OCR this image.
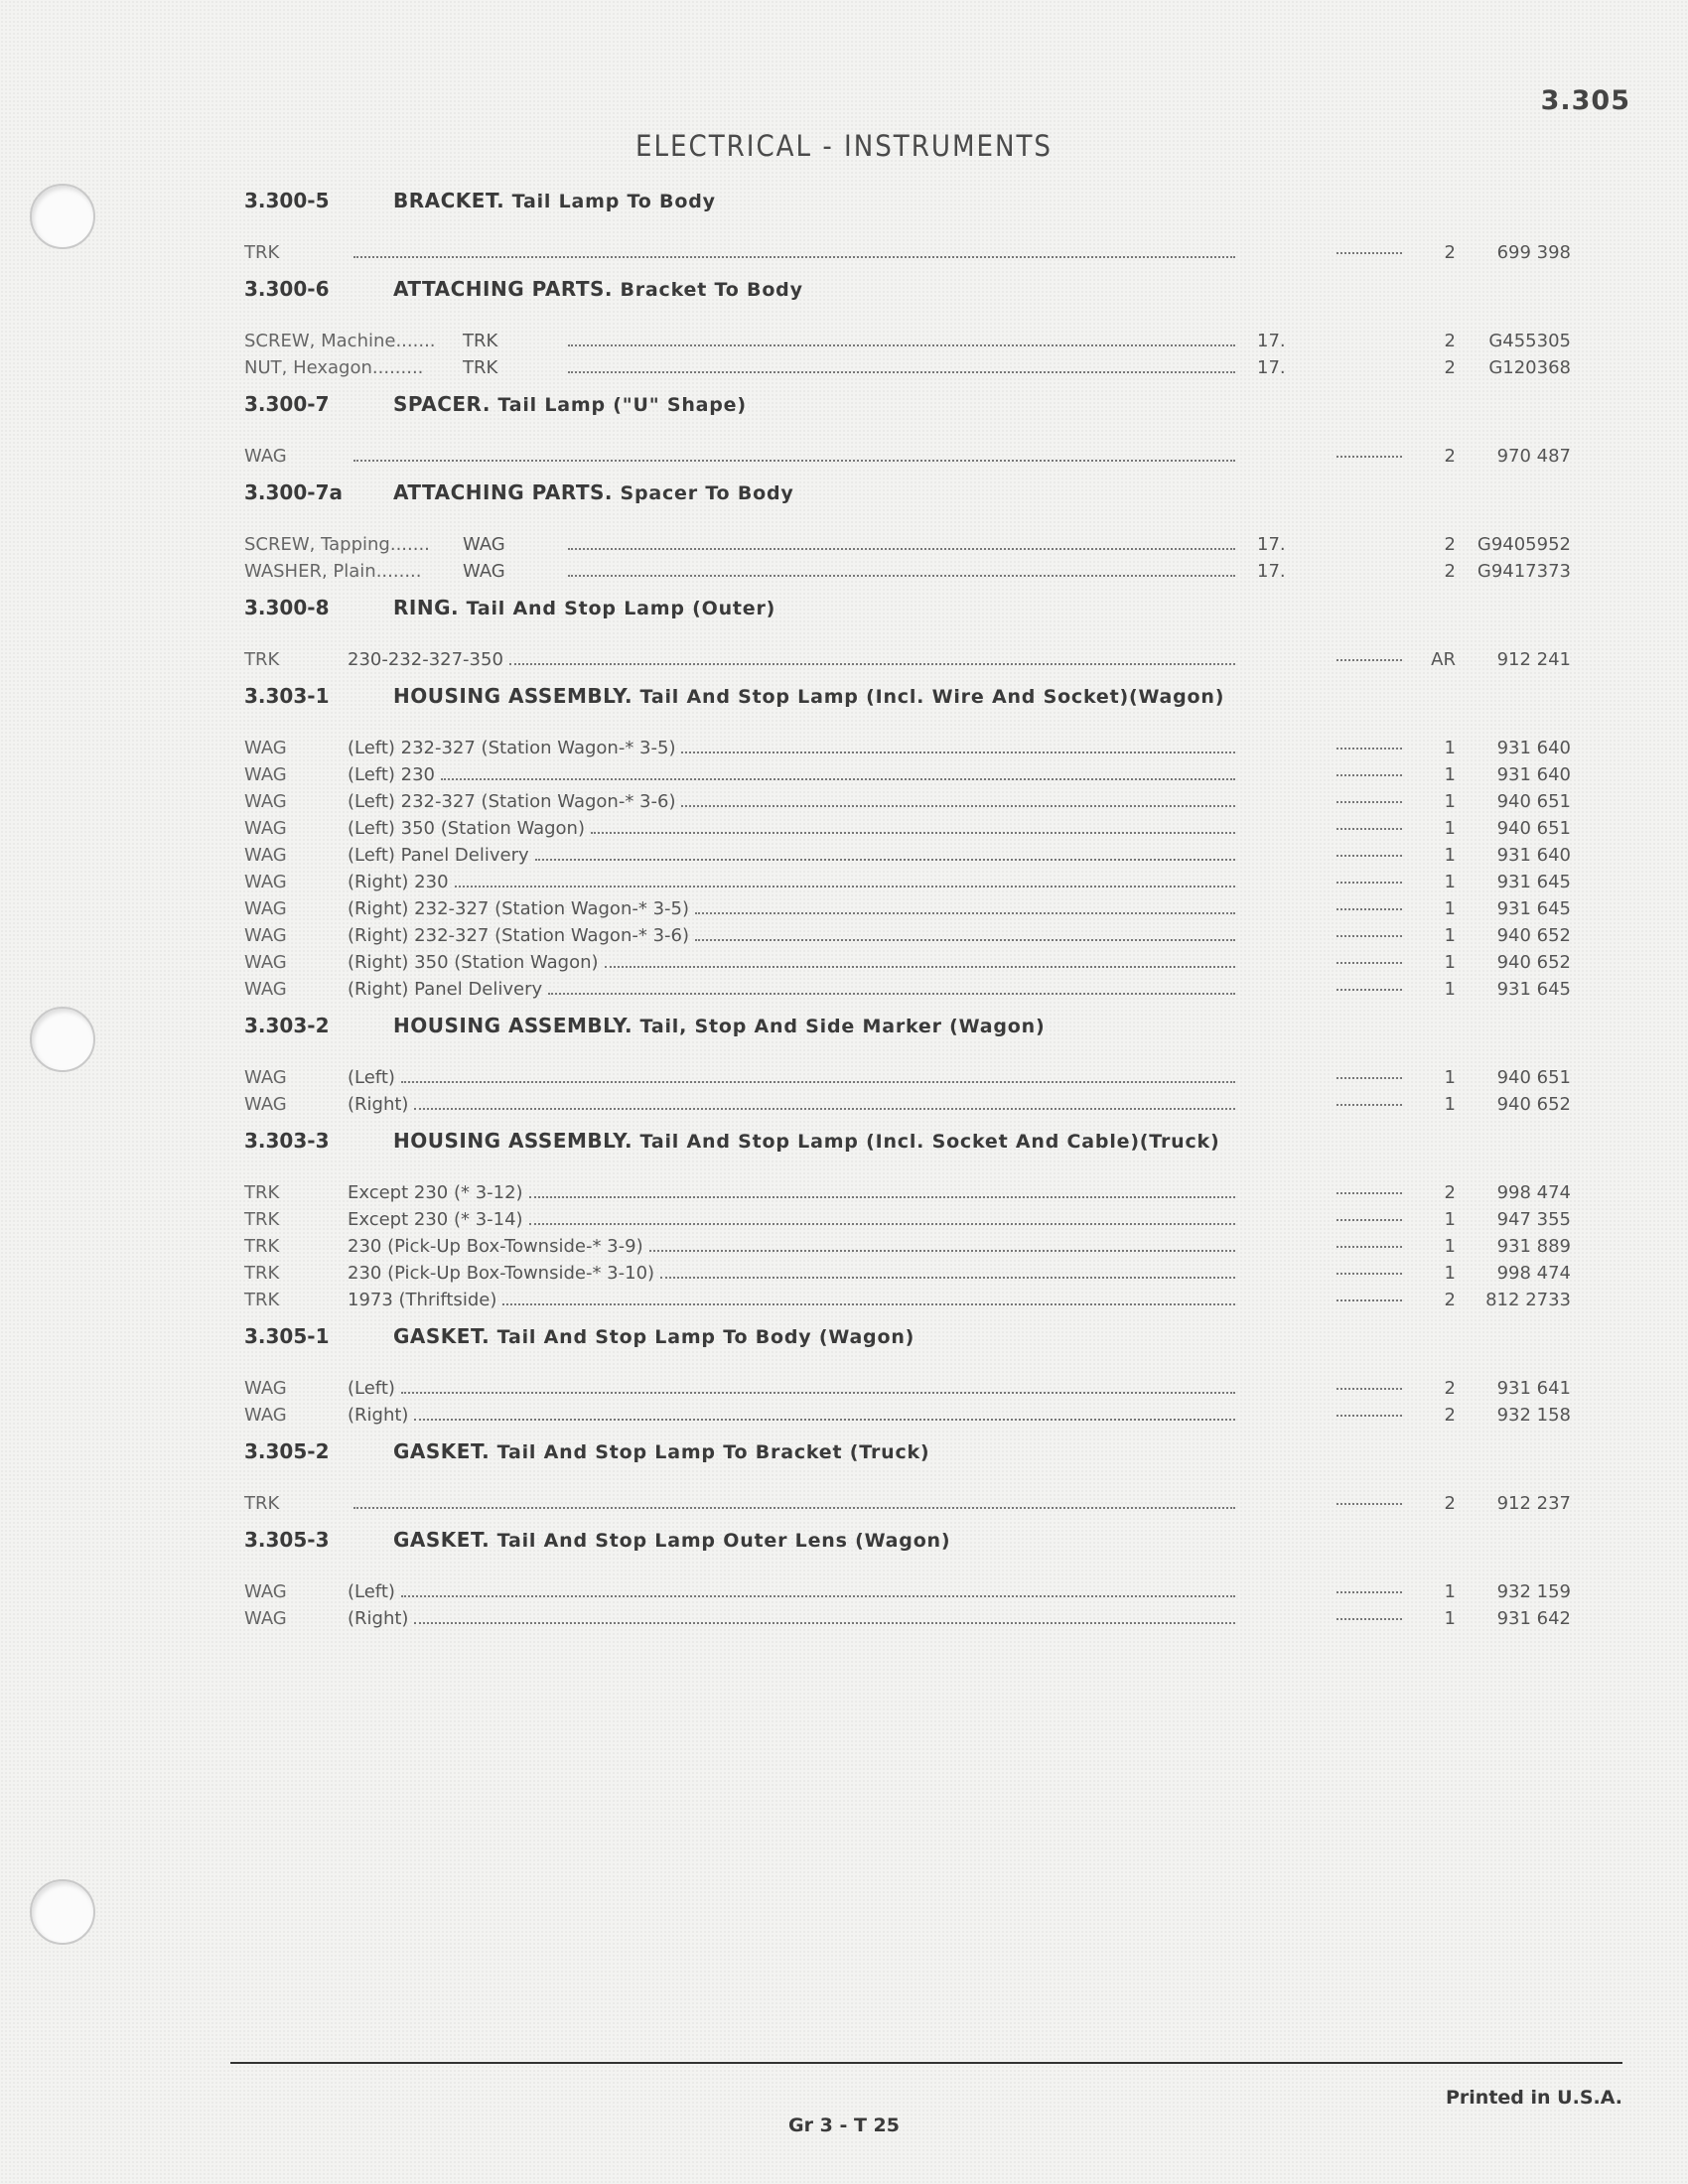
3.305
ELECTRICAL - INSTRUMENTS
3.300-5	BRACKET. Tail Lamp To Body
TRK	2	699 398
3.300-6	ATTACHING PARTS. Bracket To Body
SCREW, Machine.......	TRK	17.	2	G455305
NUT, Hexagon.........	TRK	17.	2	G120368
3.300-7	SPACER. Tail Lamp ("U" Shape)
WAG	2	970 487
3.300-7a	ATTACHING PARTS. Spacer To Body
SCREW, Tapping.......	WAG	17.	2	G9405952
WASHER, Plain........	WAG	17.	2	G9417373
3.300-8	RING. Tail And Stop Lamp (Outer)
TRK	230-232-327-350	AR	912 241
3.303-1	HOUSING ASSEMBLY. Tail And Stop Lamp (Incl. Wire And Socket)(Wagon)
WAG	(Left) 232-327 (Station Wagon-* 3-5)	1	931 640
WAG	(Left) 230	1	931 640
WAG	(Left) 232-327 (Station Wagon-* 3-6)	1	940 651
WAG	(Left) 350 (Station Wagon)	1	940 651
WAG	(Left) Panel Delivery	1	931 640
WAG	(Right) 230	1	931 645
WAG	(Right) 232-327 (Station Wagon-* 3-5)	1	931 645
WAG	(Right) 232-327 (Station Wagon-* 3-6)	1	940 652
WAG	(Right) 350 (Station Wagon)	1	940 652
WAG	(Right) Panel Delivery	1	931 645
3.303-2	HOUSING ASSEMBLY. Tail, Stop And Side Marker (Wagon)
WAG	(Left)	1	940 651
WAG	(Right)	1	940 652
3.303-3	HOUSING ASSEMBLY. Tail And Stop Lamp (Incl. Socket And Cable)(Truck)
TRK	Except 230 (* 3-12)	2	998 474
TRK	Except 230 (* 3-14)	1	947 355
TRK	230 (Pick-Up Box-Townside-* 3-9)	1	931 889
TRK	230 (Pick-Up Box-Townside-* 3-10)	1	998 474
TRK	1973 (Thriftside)	2	812 2733
3.305-1	GASKET. Tail And Stop Lamp To Body (Wagon)
WAG	(Left)	2	931 641
WAG	(Right)	2	932 158
3.305-2	GASKET. Tail And Stop Lamp To Bracket (Truck)
TRK	2	912 237
3.305-3	GASKET. Tail And Stop Lamp Outer Lens (Wagon)
WAG	(Left)	1	932 159
WAG	(Right)	1	931 642
Printed in U.S.A.
Gr 3 - T 25
